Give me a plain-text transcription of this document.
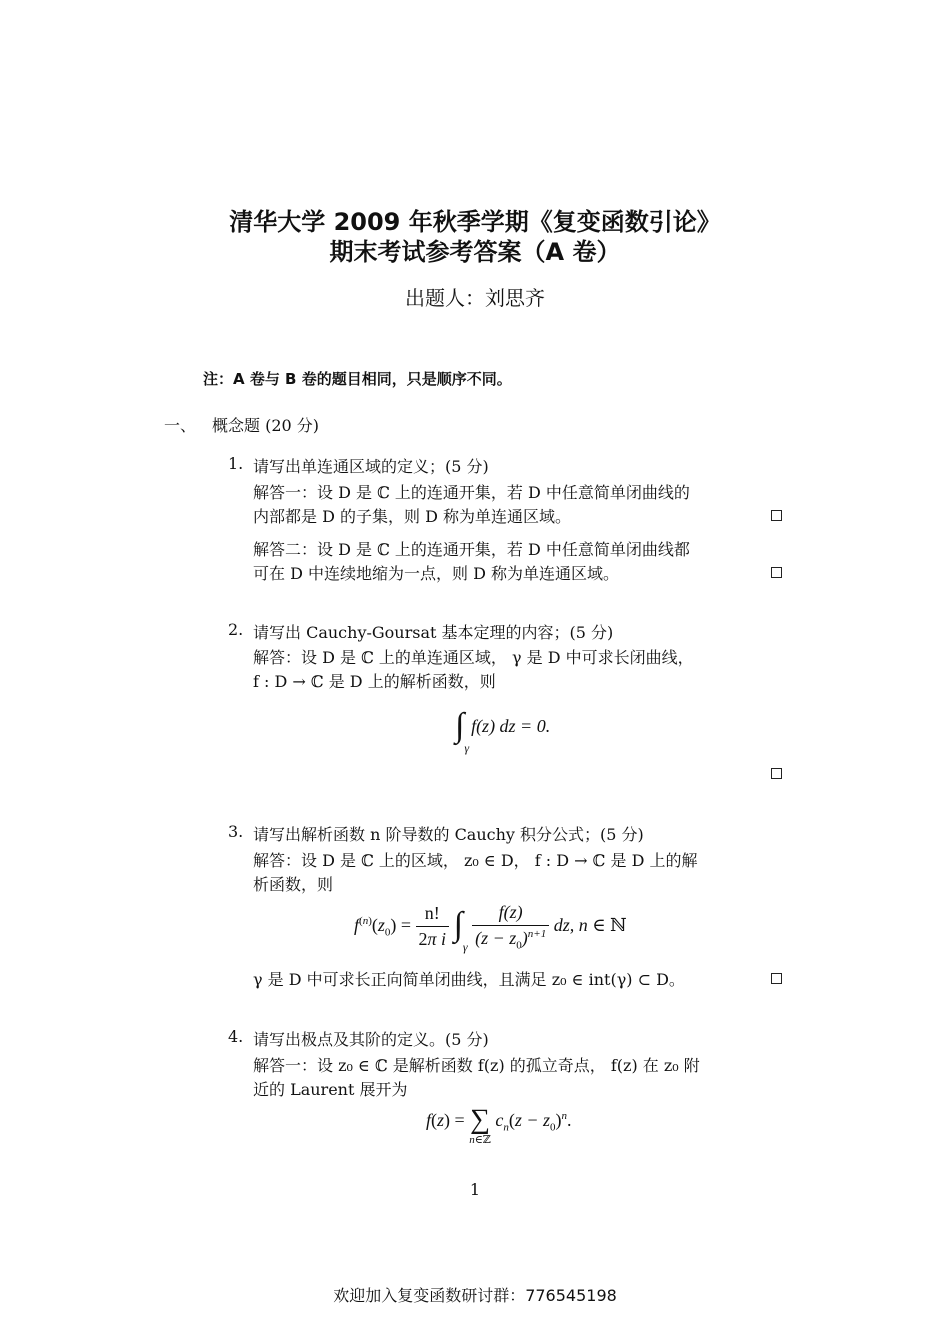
清华大学 2009 年秋季学期《复变函数引论》
期末考试参考答案（A 卷）
出题人：刘思齐
注：A 卷与 B 卷的题目相同，只是顺序不同。
一、 概念题 (20 分)
1. 请写出单连通区域的定义；(5 分)
解答一：设 D 是 ℂ 上的连通开集，若 D 中任意简单闭曲线的
内部都是 D 的子集，则 D 称为单连通区域。
解答二：设 D 是 ℂ 上的连通开集，若 D 中任意简单闭曲线都
可在 D 中连续地缩为一点，则 D 称为单连通区域。
2. 请写出 Cauchy-Goursat 基本定理的内容；(5 分)
解答：设 D 是 ℂ 上的单连通区域， γ 是 D 中可求长闭曲线，
f : D → ℂ 是 D 上的解析函数，则
$\int_\gamma f(z)$ dz = 0.
3. 请写出解析函数 n 阶导数的 Cauchy 积分公式；(5 分)
解答：设 D 是 ℂ 上的区域， z₀ ∈ D， f : D → ℂ 是 D 上的解
析函数，则
$f^{(n)}(z_0) = \frac{n!}{\text{2π i}} \int_\gamma \frac{f(z)}{(z - z_0)^{n+1}}$ dz, n ∈ ℕ
γ 是 D 中可求长正向简单闭曲线，且满足 z₀ ∈ int(γ) ⊂ D。
4. 请写出极点及其阶的定义。(5 分)
解答一：设 z₀ ∈ ℂ 是解析函数 f(z) 的孤立奇点， f(z) 在 z₀ 附
近的 Laurent 展开为
f(z) = ∑
n∈ℤ
$c_n(z - z_0)^n$.
1
欢迎加入复变函数研讨群：776545198
